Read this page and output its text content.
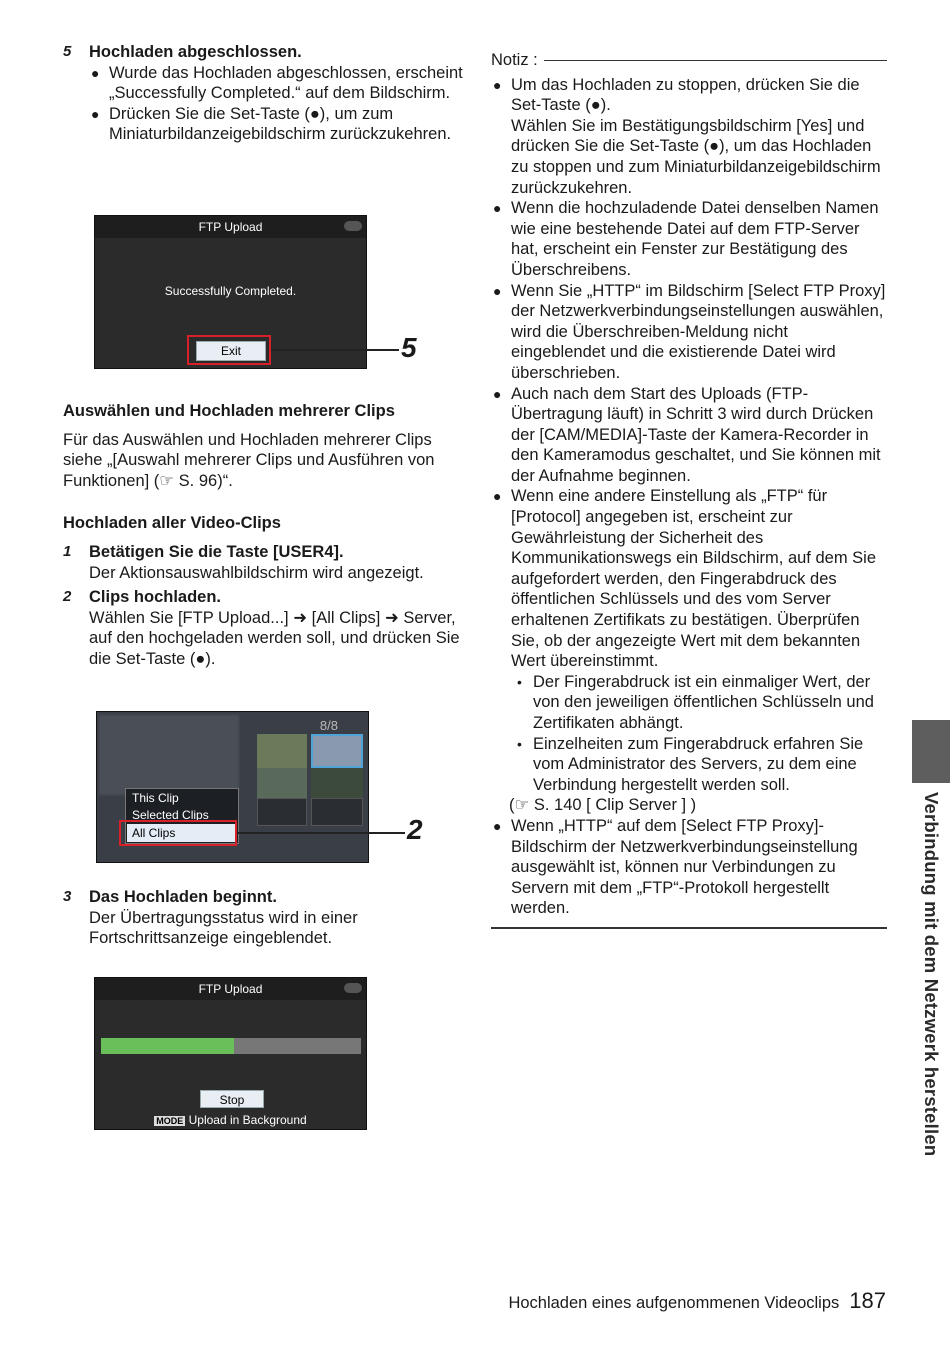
5 Hochladen abgeschlossen.
● Wurde das Hochladen abgeschlossen, erscheint „Successfully Completed.“ auf dem Bildschirm.
● Drücken Sie die Set-Taste (●), um zum Miniaturbildanzeigebildschirm zurückzukehren.
Auswählen und Hochladen mehrerer Clips
Für das Auswählen und Hochladen mehrerer Clips siehe „[Auswahl mehrerer Clips und Ausführen von Funktionen] (☞ S. 96)“.
Hochladen aller Video-Clips
1 Betätigen Sie die Taste [USER4].
Der Aktionsauswahlbildschirm wird angezeigt.
2 Clips hochladen.
Wählen Sie [FTP Upload...] ➜ [All Clips] ➜ Server, auf den hochgeladen werden soll, und drücken Sie die Set-Taste (●).
3 Das Hochladen beginnt.
Der Übertragungsstatus wird in einer Fortschrittsanzeige eingeblendet.
FTP Upload
Successfully Completed.
Exit	5
8/8
This Clip
Selected Clips
All Clips	2
FTP Upload
Stop
MODE Upload in Background
Notiz :
● Um das Hochladen zu stoppen, drücken Sie die Set-Taste (●).
Wählen Sie im Bestätigungsbildschirm [Yes] und drücken Sie die Set-Taste (●), um das Hochladen zu stoppen und zum Miniaturbildanzeigebildschirm zurückzukehren.
● Wenn die hochzuladende Datei denselben Namen wie eine bestehende Datei auf dem FTP-Server hat, erscheint ein Fenster zur Bestätigung des Überschreibens.
● Wenn Sie „HTTP“ im Bildschirm [Select FTP Proxy] der Netzwerkverbindungseinstellungen auswählen, wird die Überschreiben-Meldung nicht eingeblendet und die existierende Datei wird überschrieben.
● Auch nach dem Start des Uploads (FTP-Übertragung läuft) in Schritt 3 wird durch Drücken der [CAM/MEDIA]-Taste der Kamera-Recorder in den Kameramodus geschaltet, und Sie können mit der Aufnahme beginnen.
● Wenn eine andere Einstellung als „FTP“ für [Protocol] angegeben ist, erscheint zur Gewährleistung der Sicherheit des Kommunikationswegs ein Bildschirm, auf dem Sie aufgefordert werden, den Fingerabdruck des öffentlichen Schlüssels und des vom Server erhaltenen Zertifikats zu bestätigen. Überprüfen Sie, ob der angezeigte Wert mit dem bekannten Wert übereinstimmt.
• Der Fingerabdruck ist ein einmaliger Wert, der von den jeweiligen öffentlichen Schlüsseln und Zertifikaten abhängt.
• Einzelheiten zum Fingerabdruck erfahren Sie vom Administrator des Servers, zu dem eine Verbindung hergestellt werden soll.
(☞ S. 140 [ Clip Server ] )
● Wenn „HTTP“ auf dem [Select FTP Proxy]-Bildschirm der Netzwerkverbindungseinstellung ausgewählt ist, können nur Verbindungen zu Servern mit dem „FTP“-Protokoll hergestellt werden.	Verbindung mit dem Netzwerk herstellen
Hochladen eines aufgenommenen Videoclips 187
